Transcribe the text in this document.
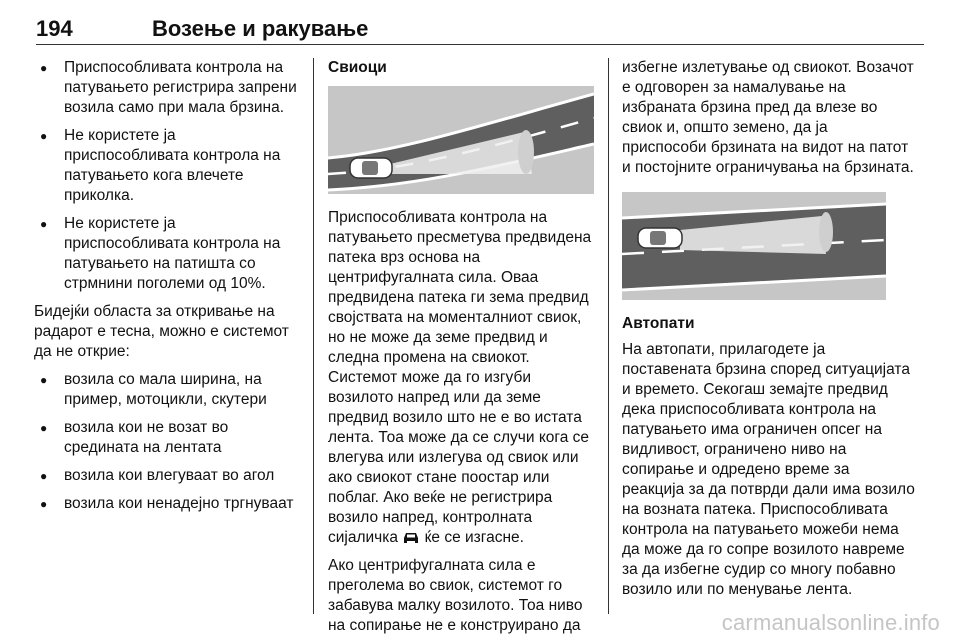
194	Возење и ракување
● Приспособливата контрола на патувањето регистрира запрени возила само при мала брзина.
● Не користете ја приспособливата контрола на патувањето кога влечете приколка.
● Не користете ја приспособливата контрола на патувањето на патишта со стрмнини поголеми од 10%.

Бидејќи областа за откривање на радарот е тесна, можно е системот да не открие:

● возила со мала ширина, на пример, мотоцикли, скутери
● возила кои не возат во средината на лентата
● возила кои влегуваат во агол
● возила кои ненадејно тргнуваат
Свиоци

Приспособливата контрола на патувањето пресметува предвидена патека врз основа на центрифугалната сила. Оваа предвидена патека ги зема предвид својствата на моменталниот свиок, но не може да земе предвид и следна промена на свиокот. Системот може да го изгуби возилото напред или да земе предвид возило што не е во истата лента. Тоа може да се случи кога се влегува или излегува од свиок или ако свиокот стане поостар или поблаг. Ако веќе не регистрира возило напред, контролната сијаличка ќе се изгасне.

Ако центрифугалната сила е преголема во свиок, системот го забавува малку возилото. Тоа ниво на сопирање не е конструирано да

избегне излетување од свиокот. Возачот е одговорен за намалување на избраната брзина пред да влезе во свиок и, општо земено, да ја приспособи брзината на видот на патот и постојните ограничувања на брзината.

Автопати

На автопати, прилагодете ја поставената брзина според ситуацијата и времето. Секогаш земајте предвид дека приспособливата контрола на патувањето има ограничен опсег на видливост, ограничено ниво на сопирање и одредено време за реакција за да потврди дали има возило на возната патека. Приспособливата контрола на патувањето можеби нема да може да го сопре возилото навреме за да избегне судир со многу побавно возило или по менување лента.

carmanualsonline.info
